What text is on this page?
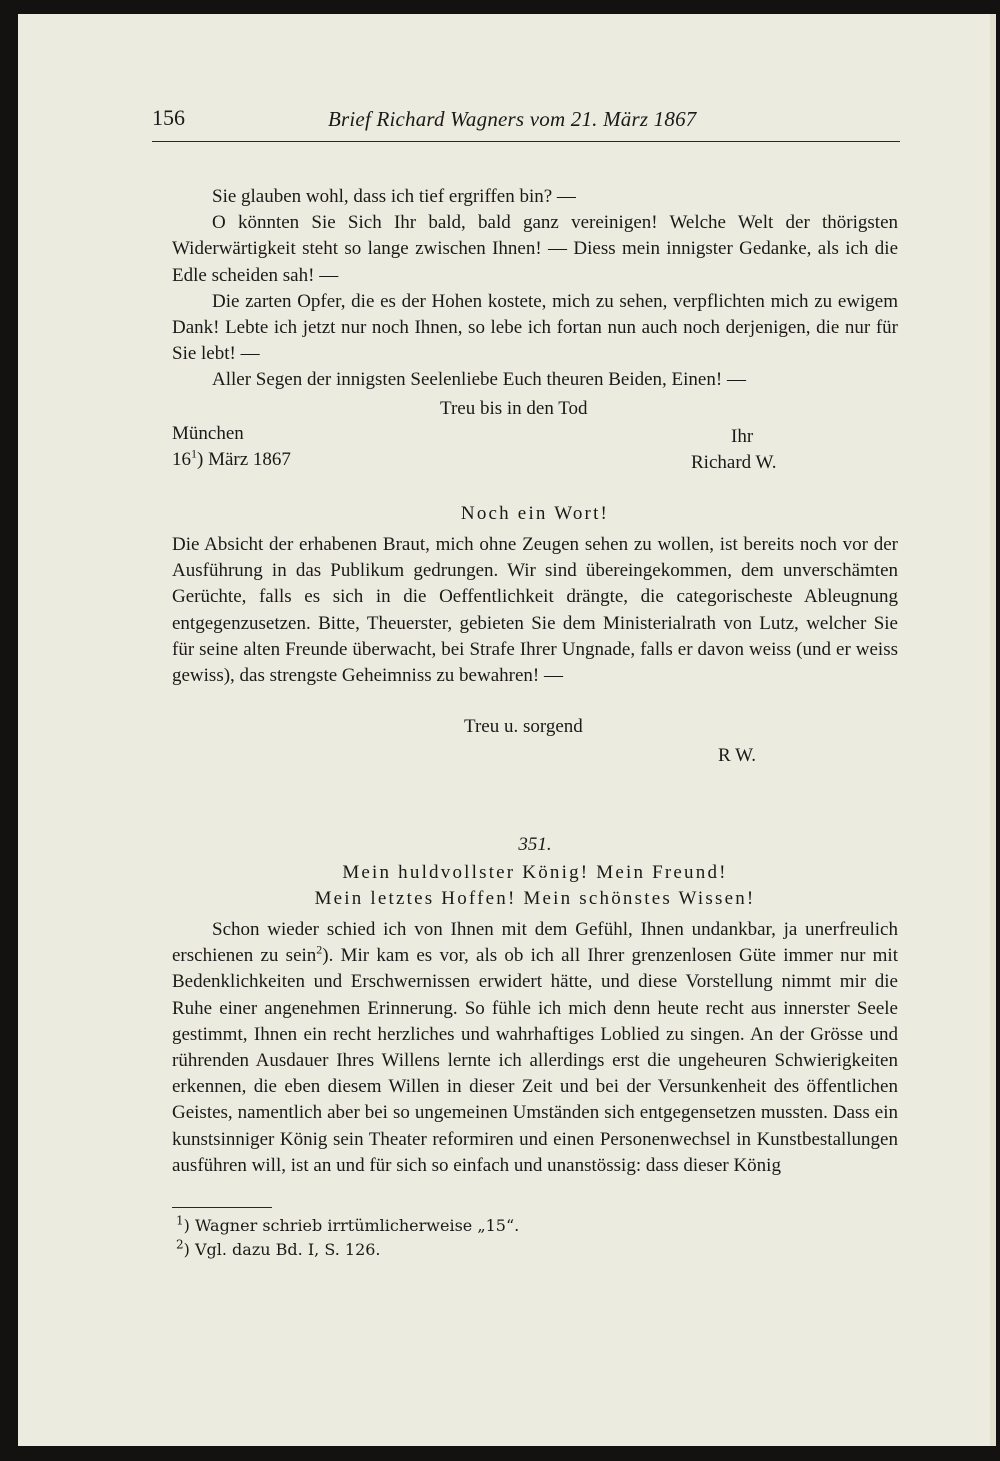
156	Brief Richard Wagners vom 21. März 1867

Sie glauben wohl, dass ich tief ergriffen bin? —

O könnten Sie Sich Ihr bald, bald ganz vereinigen! Welche Welt der thörigsten Widerwärtigkeit steht so lange zwischen Ihnen! — Diess mein innigster Gedanke, als ich die Edle scheiden sah! —

Die zarten Opfer, die es der Hohen kostete, mich zu sehen, verpflichten mich zu ewigem Dank! Lebte ich jetzt nur noch Ihnen, so lebe ich fortan nun auch noch derjenigen, die nur für Sie lebt! —

Aller Segen der innigsten Seelenliebe Euch theuren Beiden, Einen! —

Treu bis in den Tod
München
$16^1$) März 1867
Ihr
Richard W.
Noch ein Wort!

Die Absicht der erhabenen Braut, mich ohne Zeugen sehen zu wollen, ist bereits noch vor der Ausführung in das Publikum gedrungen. Wir sind übereingekommen, dem unverschämten Gerüchte, falls es sich in die Oeffentlichkeit drängte, die categorischeste Ableugnung entgegenzusetzen. Bitte, Theuerster, gebieten Sie dem Ministerialrath von Lutz, welcher Sie für seine alten Freunde überwacht, bei Strafe Ihrer Ungnade, falls er davon weiss (und er weiss gewiss), das strengste Geheimniss zu bewahren! —

Treu u. sorgend
R W.
351.
Mein huldvollster König! Mein Freund!
Mein letztes Hoffen! Mein schönstes Wissen!

Schon wieder schied ich von Ihnen mit dem Gefühl, Ihnen undankbar, ja unerfreulich erschienen zu sein$^2$). Mir kam es vor, als ob ich all Ihrer grenzenlosen Güte immer nur mit Bedenklichkeiten und Erschwernissen erwidert hätte, und diese Vorstellung nimmt mir die Ruhe einer angenehmen Erinnerung. So fühle ich mich denn heute recht aus innerster Seele gestimmt, Ihnen ein recht herzliches und wahrhaftiges Loblied zu singen. An der Grösse und rührenden Ausdauer Ihres Willens lernte ich allerdings erst die ungeheuren Schwierigkeiten erkennen, die eben diesem Willen in dieser Zeit und bei der Versunkenheit des öffentlichen Geistes, namentlich aber bei so ungemeinen Umständen sich entgegensetzen mussten. Dass ein kunstsinniger König sein Theater reformiren und einen Personenwechsel in Kunstbestallungen ausführen will, ist an und für sich so einfach und unanstössig: dass dieser König

$^1$) Wagner schrieb irrtümlicherweise „15“.
$^2$) Vgl. dazu Bd. I, S. 126.
